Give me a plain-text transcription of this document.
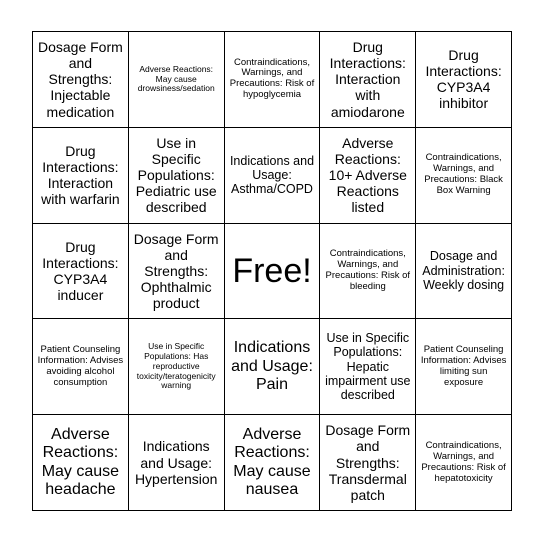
Dosage Form and Strengths: Injectable medication
Adverse Reactions: May cause drowsiness/sedation
Contraindications, Warnings, and Precautions: Risk of hypoglycemia
Drug Interactions: Interaction with amiodarone
Drug Interactions: CYP3A4 inhibitor
Drug Interactions: Interaction with warfarin
Use in Specific Populations: Pediatric use described
Indications and Usage: Asthma/COPD
Adverse Reactions: 10+ Adverse Reactions listed
Contraindications, Warnings, and Precautions: Black Box Warning
Drug Interactions: CYP3A4 inducer
Dosage Form and Strengths: Ophthalmic product
Free!	Contraindications, Warnings, and Precautions: Risk of bleeding
Dosage and Administration: Weekly dosing
Patient Counseling Information: Advises avoiding alcohol consumption
Use in Specific Populations: Has reproductive toxicity/teratogenicity warning
Indications and Usage: Pain
Use in Specific Populations: Hepatic impairment use described
Patient Counseling Information: Advises limiting sun exposure
Adverse Reactions: May cause headache
Indications and Usage: Hypertension
Adverse Reactions: May cause nausea
Dosage Form and Strengths: Transdermal patch
Contraindications, Warnings, and Precautions: Risk of hepatotoxicity
